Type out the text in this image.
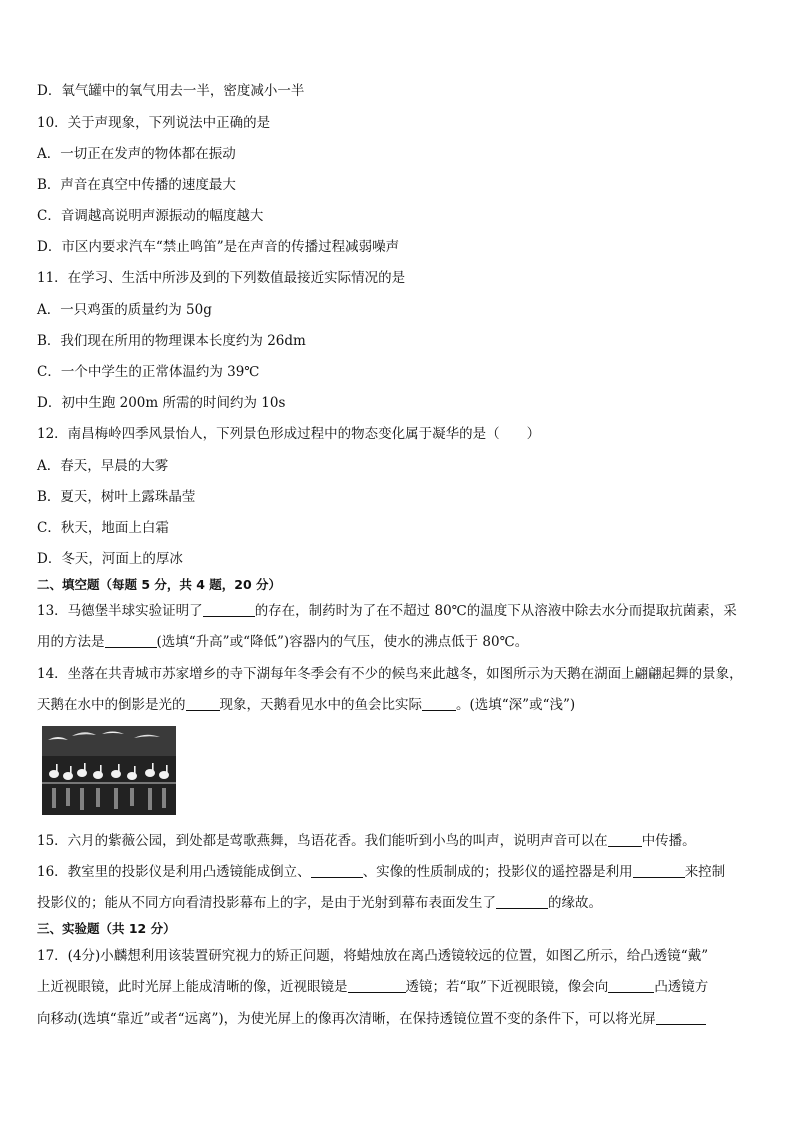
D．氧气罐中的氧气用去一半，密度减小一半
10．关于声现象，下列说法中正确的是
A．一切正在发声的物体都在振动
B．声音在真空中传播的速度最大
C．音调越高说明声源振动的幅度越大
D．市区内要求汽车“禁止鸣笛”是在声音的传播过程减弱噪声
11．在学习、生活中所涉及到的下列数值最接近实际情况的是
A．一只鸡蛋的质量约为 50g
B．我们现在所用的物理课本长度约为 26dm
C．一个中学生的正常体温约为 39℃
D．初中生跑 200m 所需的时间约为 10s
12．南昌梅岭四季风景怡人，下列景色形成过程中的物态变化属于凝华的是（　　）
A．春天，早晨的大雾
B．夏天，树叶上露珠晶莹
C．秋天，地面上白霜
D．冬天，河面上的厚冰
二、填空题（每题 5 分，共 4 题，20 分）
13．马德堡半球实验证明了	的存在，制药时为了在不超过 80℃的温度下从溶液中除去水分而提取抗菌素，采
用的方法是	(选填“升高”或“降低”)容器内的气压，使水的沸点低于 80℃。
14．坐落在共青城市苏家增乡的寺下湖每年冬季会有不少的候鸟来此越冬，如图所示为天鹅在湖面上翩翩起舞的景象，
天鹅在水中的倒影是光的	现象，天鹅看见水中的鱼会比实际	。(选填“深”或“浅”)
15．六月的紫薇公园，到处都是莺歌燕舞，鸟语花香。我们能听到小鸟的叫声，说明声音可以在	中传播。
16．教室里的投影仪是利用凸透镜能成倒立、	、实像的性质制成的；投影仪的遥控器是利用	来控制
投影仪的；能从不同方向看清投影幕布上的字，是由于光射到幕布表面发生了	的缘故。
三、实验题（共 12 分）
17．(4分)小麟想利用该装置研究视力的矫正问题，将蜡烛放在离凸透镜较远的位置，如图乙所示，给凸透镜“戴”
上近视眼镜，此时光屏上能成清晰的像，近视眼镜是	透镜；若“取”下近视眼镜，像会向	凸透镜方
向移动(选填“靠近”或者“远离”)，为使光屏上的像再次清晰，在保持透镜位置不变的条件下，可以将光屏
